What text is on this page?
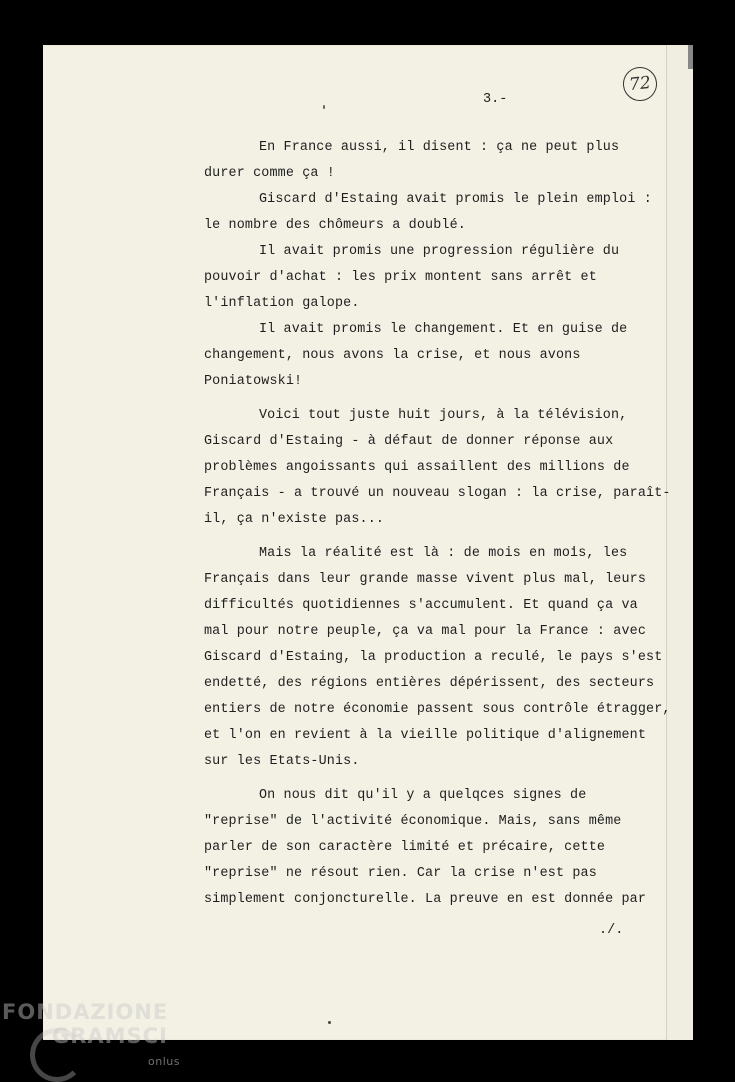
3.-
72
En France aussi, il disent : ça ne peut plus
durer comme ça !
Giscard d'Estaing avait promis le plein emploi :
le nombre des chômeurs a doublé.
Il avait promis une progression régulière du
pouvoir d'achat : les prix montent sans arrêt et
l'inflation galope.
Il avait promis le changement. Et en guise de
changement, nous avons la crise, et nous avons
Poniatowski!
Voici tout juste huit jours, à la télévision,
Giscard d'Estaing - à défaut de donner réponse aux
problèmes angoissants qui assaillent des millions de
Français - a trouvé un nouveau slogan : la crise, paraît-
il, ça n'existe pas...
Mais la réalité est là : de mois en mois, les
Français dans leur grande masse vivent plus mal, leurs
difficultés quotidiennes s'accumulent. Et quand ça va
mal pour notre peuple, ça va mal pour la France : avec
Giscard d'Estaing, la production a reculé, le pays s'est
endetté, des régions entières dépérissent, des secteurs
entiers de notre économie passent sous contrôle étragger,
et l'on en revient à la vieille politique d'alignement
sur les Etats-Unis.
On nous dit qu'il y a quelqces signes de
"reprise" de l'activité économique. Mais, sans même
parler de son caractère limité et précaire, cette
"reprise" ne résout rien. Car la crise n'est pas
simplement conjoncturelle. La preuve en est donnée par
./.
FONDAZIONE
GRAMSCI
onlus
